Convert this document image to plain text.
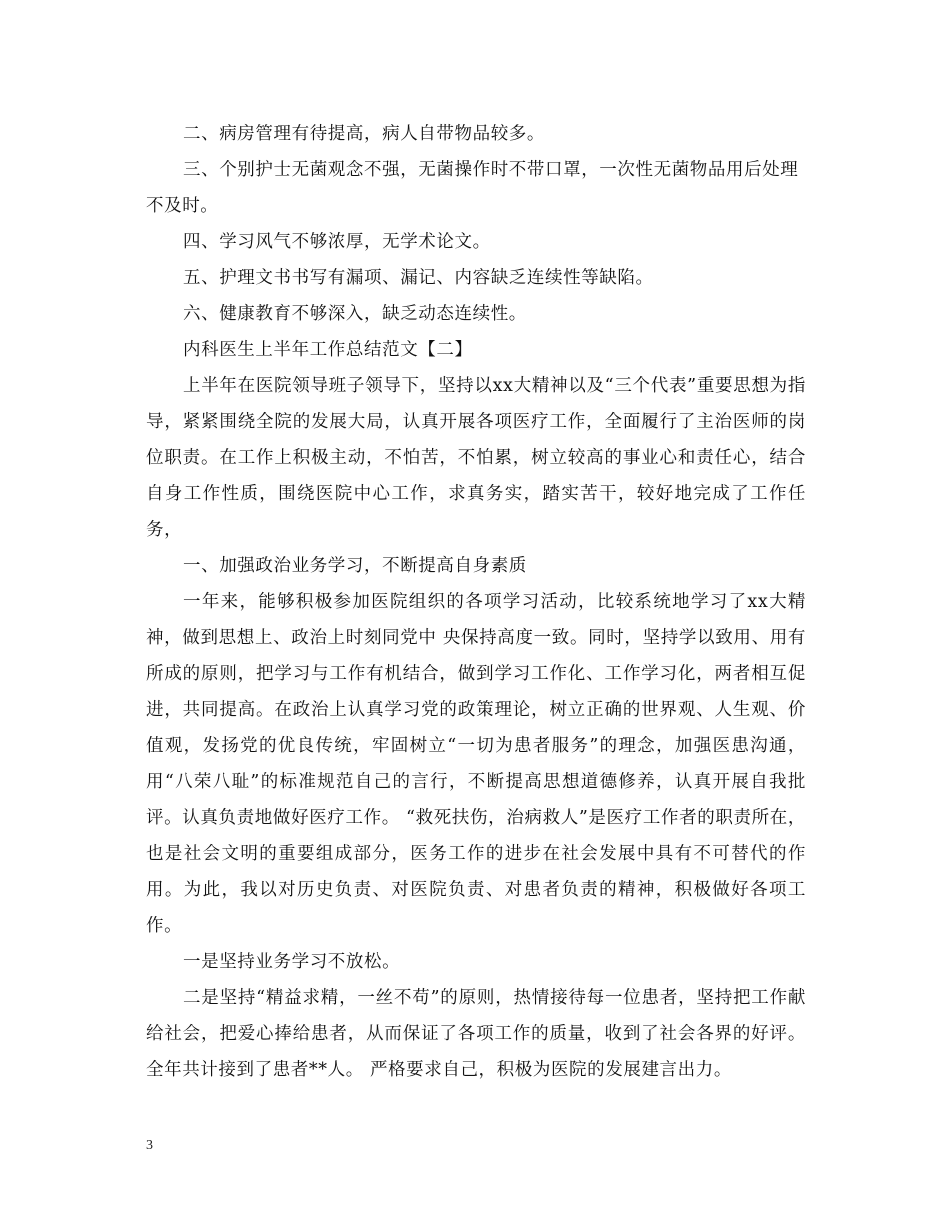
二、病房管理有待提高，病人自带物品较多。

三、个别护士无菌观念不强，无菌操作时不带口罩，一次性无菌物品用后处理不及时。

四、学习风气不够浓厚，无学术论文。

五、护理文书书写有漏项、漏记、内容缺乏连续性等缺陷。

六、健康教育不够深入，缺乏动态连续性。

内科医生上半年工作总结范文【二】

上半年在医院领导班子领导下，坚持以xx大精神以及“三个代表”重要思想为指导，紧紧围绕全院的发展大局，认真开展各项医疗工作，全面履行了主治医师的岗位职责。在工作上积极主动，不怕苦，不怕累，树立较高的事业心和责任心，结合自身工作性质，围绕医院中心工作，求真务实，踏实苦干，较好地完成了工作任务，

一、加强政治业务学习，不断提高自身素质

一年来，能够积极参加医院组织的各项学习活动，比较系统地学习了xx大精神，做到思想上、政治上时刻同党中 央保持高度一致。同时，坚持学以致用、用有所成的原则，把学习与工作有机结合，做到学习工作化、工作学习化，两者相互促进，共同提高。在政治上认真学习党的政策理论，树立正确的世界观、人生观、价值观，发扬党的优良传统，牢固树立“一切为患者服务”的理念，加强医患沟通，用“八荣八耻”的标准规范自己的言行，不断提高思想道德修养，认真开展自我批评。认真负责地做好医疗工作。 “救死扶伤，治病救人”是医疗工作者的职责所在，也是社会文明的重要组成部分，医务工作的进步在社会发展中具有不可替代的作用。为此，我以对历史负责、对医院负责、对患者负责的精神，积极做好各项工作。

一是坚持业务学习不放松。

二是坚持“精益求精，一丝不苟”的原则，热情接待每一位患者，坚持把工作献给社会，把爱心捧给患者，从而保证了各项工作的质量，收到了社会各界的好评。全年共计接到了患者**人。 严格要求自己，积极为医院的发展建言出力。

3
